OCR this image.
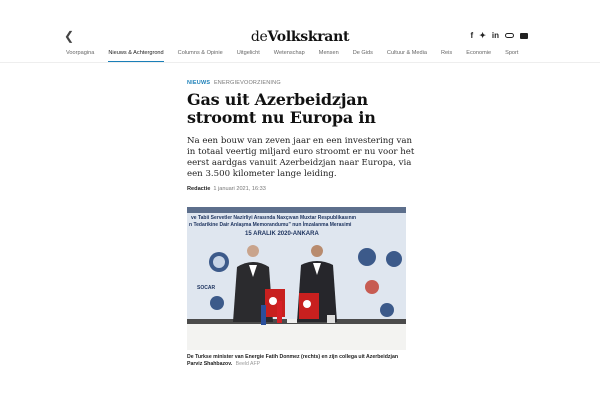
❮	deVolkskrant	f ✦ in
Voorpagina	Nieuws & Achtergrond	Columns & Opinie	Uitgelicht	Wetenschap	Mensen	De Gids	Cultuur & Media	Reis	Economie	Sport
NIEUWS ENERGIEVOORZIENING
Gas uit Azerbeidzjan stroomt nu Europa in

Na een bouw van zeven jaar en een investering van in totaal veertig miljard euro stroomt er nu voor het eerst aardgas vanuit Azerbeidzjan naar Europa, via een 3.500 kilometer lange leiding.

Redactie 1 januari 2021, 16:33
ve Tabii Servetler Nazirliyi Arasında Naxçıvan Muxtar Respublikasının
n Tedarikine Dair Anlaşma Memorandumu" nun İmzalanma Merasimi
15 ARALIK 2020-ANKARA
SOCAR
De Turkse minister van Energie Fatih Donmez (rechts) en zijn collega uit Azerbeidzjan Parviz Shahbazov. Beeld AFP
